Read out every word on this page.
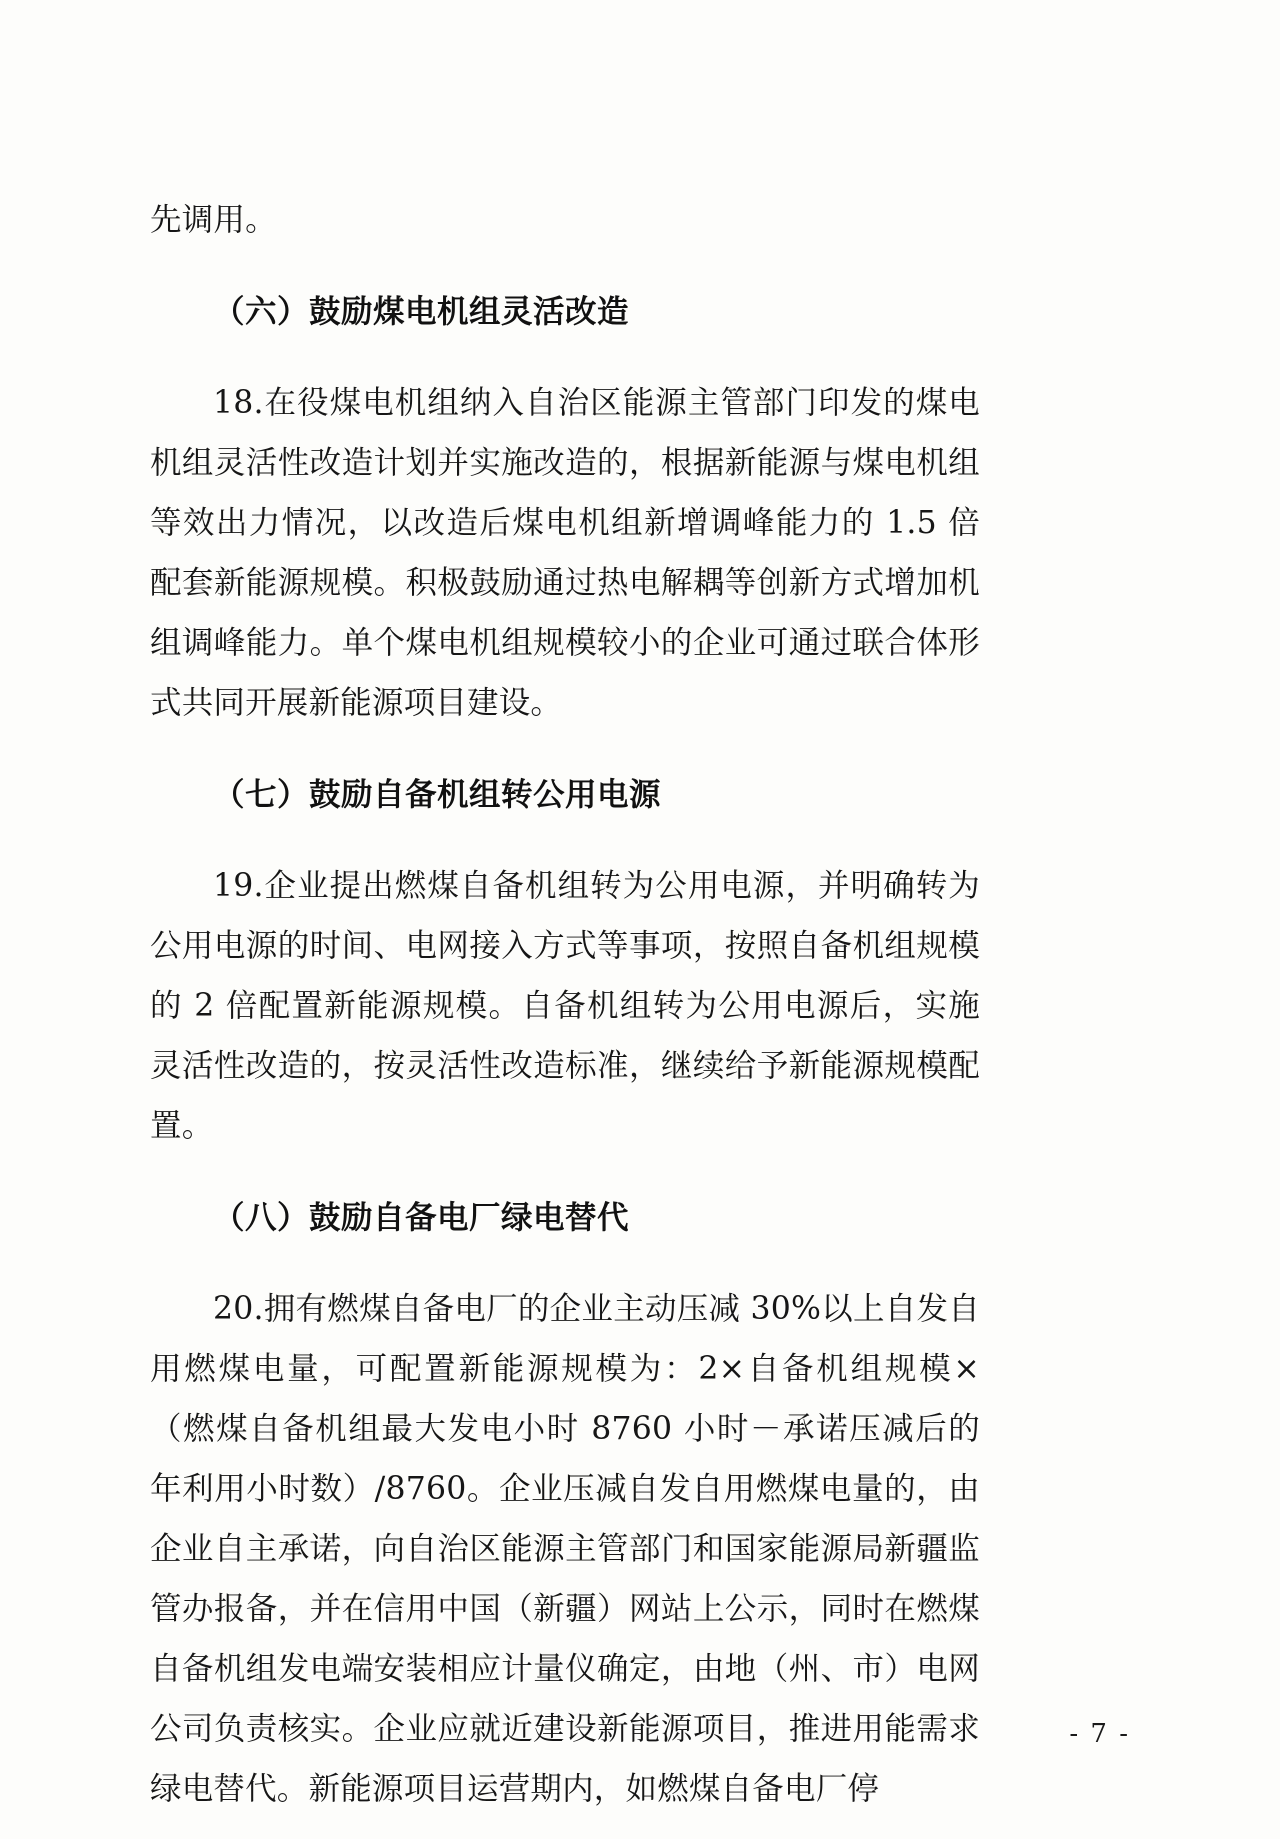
先调用。

（六）鼓励煤电机组灵活改造

18.在役煤电机组纳入自治区能源主管部门印发的煤电机组灵活性改造计划并实施改造的，根据新能源与煤电机组等效出力情况，以改造后煤电机组新增调峰能力的 1.5 倍配套新能源规模。积极鼓励通过热电解耦等创新方式增加机组调峰能力。单个煤电机组规模较小的企业可通过联合体形式共同开展新能源项目建设。

（七）鼓励自备机组转公用电源

19.企业提出燃煤自备机组转为公用电源，并明确转为公用电源的时间、电网接入方式等事项，按照自备机组规模的 2 倍配置新能源规模。自备机组转为公用电源后，实施灵活性改造的，按灵活性改造标准，继续给予新能源规模配置。

（八）鼓励自备电厂绿电替代

20.拥有燃煤自备电厂的企业主动压减 30%以上自发自用燃煤电量，可配置新能源规模为：2×自备机组规模×（燃煤自备机组最大发电小时 8760 小时－承诺压减后的年利用小时数）/8760。企业压减自发自用燃煤电量的，由企业自主承诺，向自治区能源主管部门和国家能源局新疆监管办报备，并在信用中国（新疆）网站上公示，同时在燃煤自备机组发电端安装相应计量仪确定，由地（州、市）电网公司负责核实。企业应就近建设新能源项目，推进用能需求绿电替代。新能源项目运营期内，如燃煤自备电厂停

- 7 -
